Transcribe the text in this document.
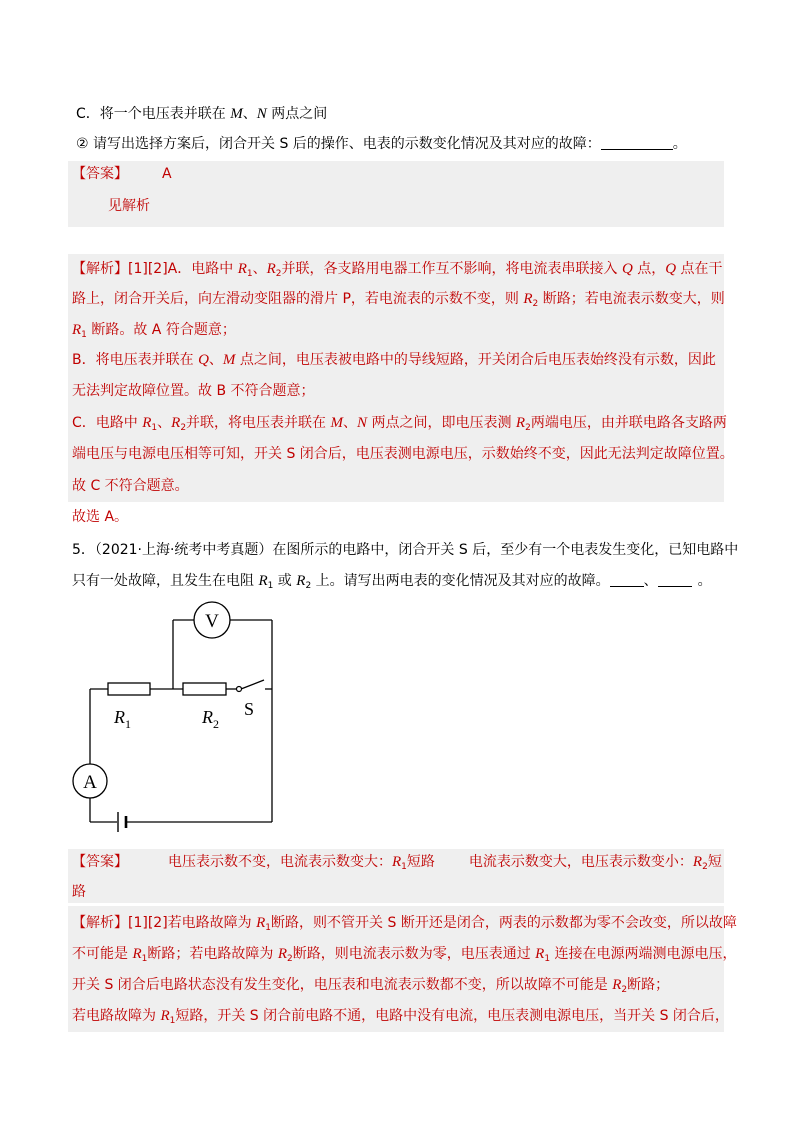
C．将一个电压表并联在 M、N 两点之间
② 请写出选择方案后，闭合开关 S 后的操作、电表的示数变化情况及其对应的故障：	。
【答案】 A
见解析
【解析】[1][2]A．电路中 $R_1$、$R_2$并联，各支路用电器工作互不影响，将电流表串联接入 Q 点，Q 点在干
路上，闭合开关后，向左滑动变阻器的滑片 P，若电流表的示数不变，则 $R_2$ 断路；若电流表示数变大，则
$R_1$ 断路。故 A 符合题意；
B．将电压表并联在 Q、M 点之间，电压表被电路中的导线短路，开关闭合后电压表始终没有示数，因此
无法判定故障位置。故 B 不符合题意；
C．电路中 $R_1$、$R_2$并联，将电压表并联在 M、N 两点之间，即电压表测 $R_2$两端电压，由并联电路各支路两
端电压与电源电压相等可知，开关 S 闭合后，电压表测电源电压，示数始终不变，因此无法判定故障位置。
故 C 不符合题意。
故选 A。
5．（2021·上海·统考中考真题）在图所示的电路中，闭合开关 S 后，至少有一个电表发生变化，已知电路中
只有一处故障，且发生在电阻 $R_1$ 或 $R_2$ 上。请写出两电表的变化情况及其对应的故障。 、	。
V
A
$R_1$	$R_2$
S
【答案】	电压表示数不变，电流表示数变大：$R_1$短路 电流表示数变大，电压表示数变小：$R_2$短
路
【解析】[1][2]若电路故障为 $R_1$断路，则不管开关 S 断开还是闭合，两表的示数都为零不会改变，所以故障
不可能是 $R_1$断路；若电路故障为 $R_2$断路，则电流表示数为零，电压表通过 $R_1$ 连接在电源两端测电源电压，
开关 S 闭合后电路状态没有发生变化，电压表和电流表示数都不变，所以故障不可能是 $R_2$断路；
若电路故障为 $R_1$短路，开关 S 闭合前电路不通，电路中没有电流，电压表测电源电压，当开关 S 闭合后，
